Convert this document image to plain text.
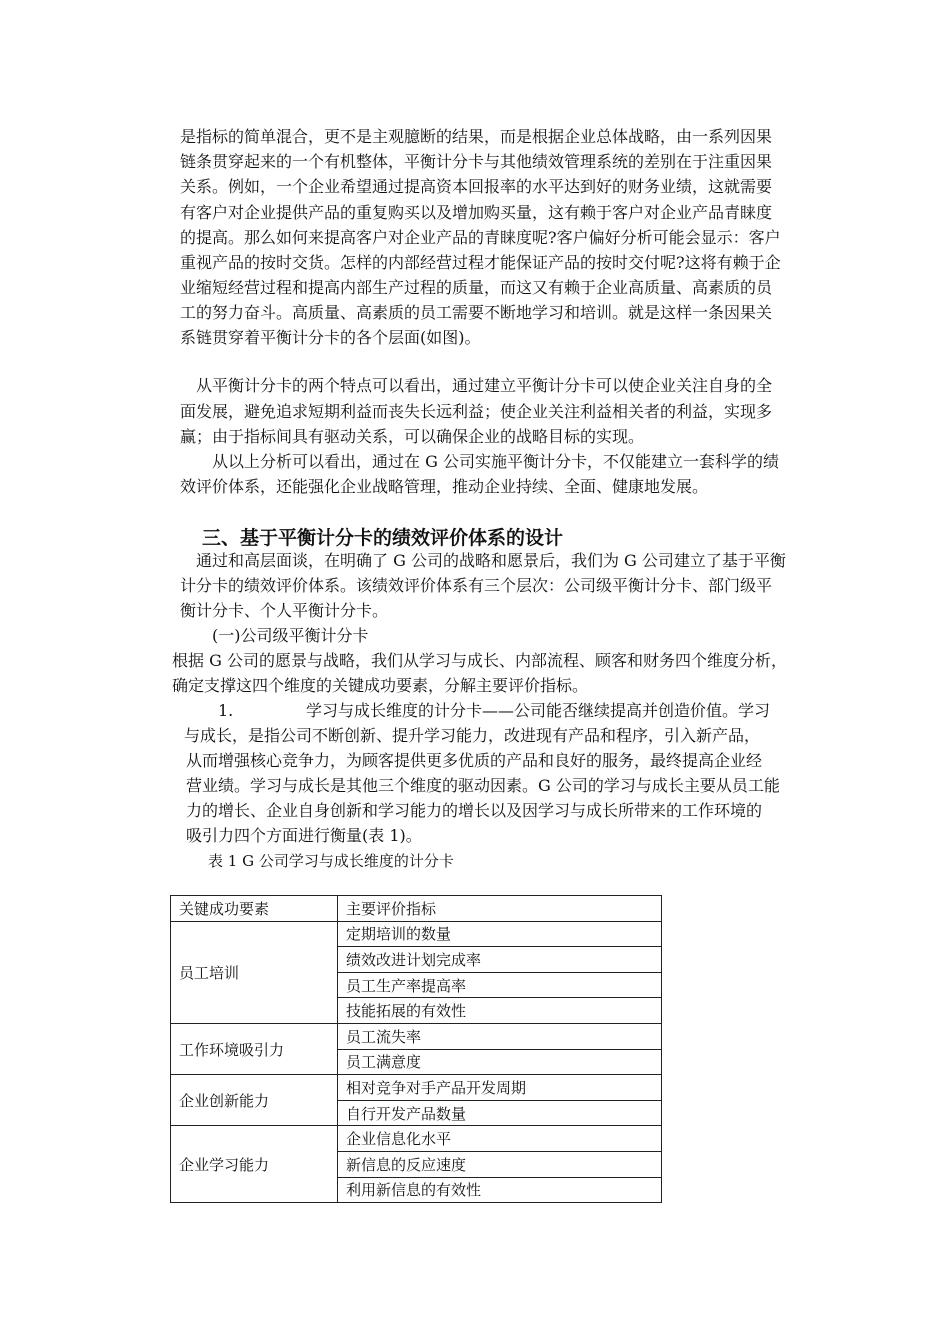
是指标的简单混合，更不是主观臆断的结果，而是根据企业总体战略，由一系列因果
链条贯穿起来的一个有机整体，平衡计分卡与其他绩效管理系统的差别在于注重因果
关系。例如，一个企业希望通过提高资本回报率的水平达到好的财务业绩，这就需要
有客户对企业提供产品的重复购买以及增加购买量，这有赖于客户对企业产品青睐度
的提高。那么如何来提高客户对企业产品的青睐度呢?客户偏好分析可能会显示：客户
重视产品的按时交货。怎样的内部经营过程才能保证产品的按时交付呢?这将有赖于企
业缩短经营过程和提高内部生产过程的质量，而这又有赖于企业高质量、高素质的员
工的努力奋斗。高质量、高素质的员工需要不断地学习和培训。就是这样一条因果关
系链贯穿着平衡计分卡的各个层面(如图)。
从平衡计分卡的两个特点可以看出，通过建立平衡计分卡可以使企业关注自身的全
面发展，避免追求短期利益而丧失长远利益；使企业关注利益相关者的利益，实现多
赢；由于指标间具有驱动关系，可以确保企业的战略目标的实现。
从以上分析可以看出，通过在 G 公司实施平衡计分卡，不仅能建立一套科学的绩
效评价体系，还能强化企业战略管理，推动企业持续、全面、健康地发展。
三、基于平衡计分卡的绩效评价体系的设计
通过和高层面谈，在明确了 G 公司的战略和愿景后，我们为 G 公司建立了基于平衡
计分卡的绩效评价体系。该绩效评价体系有三个层次：公司级平衡计分卡、部门级平
衡计分卡、个人平衡计分卡。
(一)公司级平衡计分卡
根据 G 公司的愿景与战略，我们从学习与成长、内部流程、顾客和财务四个维度分析，
确定支撑这四个维度的关键成功要素，分解主要评价指标。
1.	学习与成长维度的计分卡——公司能否继续提高并创造价值。学习
与成长，是指公司不断创新、提升学习能力，改进现有产品和程序，引入新产品，
从而增强核心竞争力，为顾客提供更多优质的产品和良好的服务，最终提高企业经
营业绩。学习与成长是其他三个维度的驱动因素。G 公司的学习与成长主要从员工能
力的增长、企业自身创新和学习能力的增长以及因学习与成长所带来的工作环境的
吸引力四个方面进行衡量(表 1)。
表 1 G 公司学习与成长维度的计分卡
关键成功要素	主要评价指标
员工培训	定期培训的数量
	绩效改进计划完成率
	员工生产率提高率
	技能拓展的有效性
工作环境吸引力	员工流失率
	员工满意度
企业创新能力	相对竞争对手产品开发周期
	自行开发产品数量
企业学习能力	企业信息化水平
	新信息的反应速度
	利用新信息的有效性
